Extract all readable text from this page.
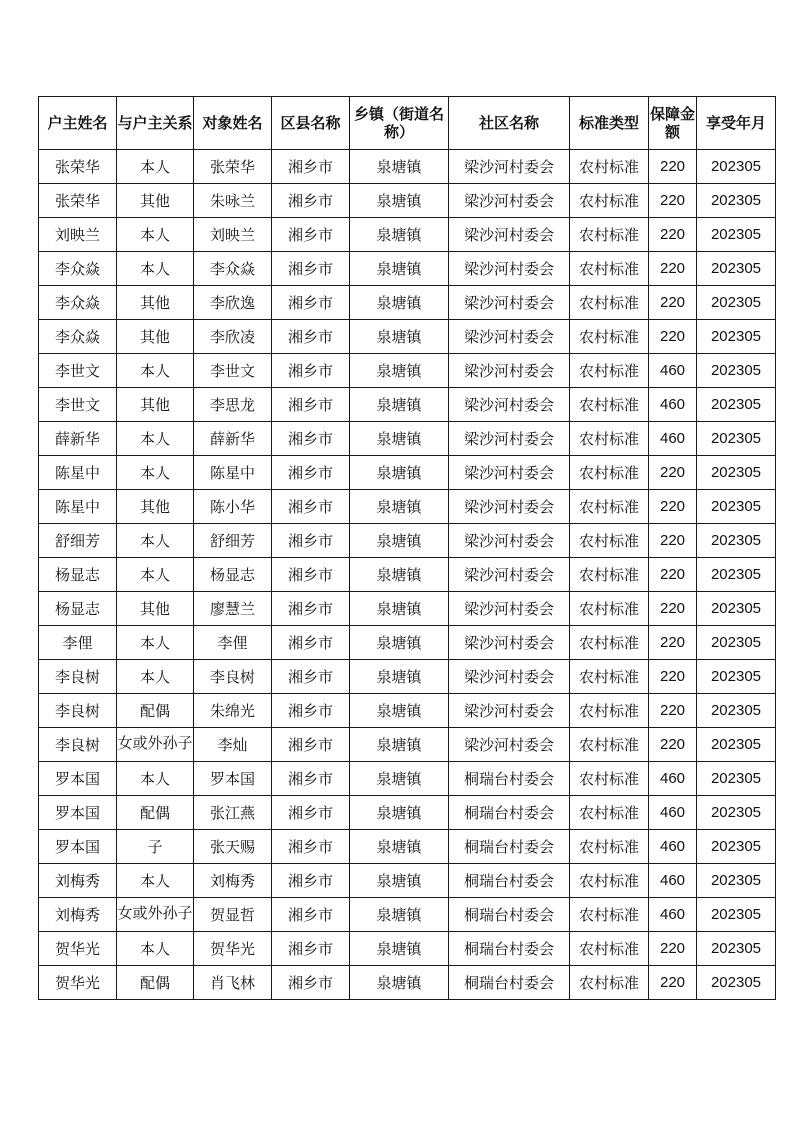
户主姓名	与户主关系	对象姓名	区县名称	乡镇（街道名称）	社区名称	标准类型	保障金额	享受年月
张荣华	本人	张荣华	湘乡市	泉塘镇	梁沙河村委会	农村标准	220	202305
张荣华	其他	朱咏兰	湘乡市	泉塘镇	梁沙河村委会	农村标准	220	202305
刘映兰	本人	刘映兰	湘乡市	泉塘镇	梁沙河村委会	农村标准	220	202305
李众焱	本人	李众焱	湘乡市	泉塘镇	梁沙河村委会	农村标准	220	202305
李众焱	其他	李欣逸	湘乡市	泉塘镇	梁沙河村委会	农村标准	220	202305
李众焱	其他	李欣凌	湘乡市	泉塘镇	梁沙河村委会	农村标准	220	202305
李世文	本人	李世文	湘乡市	泉塘镇	梁沙河村委会	农村标准	460	202305
李世文	其他	李思龙	湘乡市	泉塘镇	梁沙河村委会	农村标准	460	202305
薛新华	本人	薛新华	湘乡市	泉塘镇	梁沙河村委会	农村标准	460	202305
陈星中	本人	陈星中	湘乡市	泉塘镇	梁沙河村委会	农村标准	220	202305
陈星中	其他	陈小华	湘乡市	泉塘镇	梁沙河村委会	农村标准	220	202305
舒细芳	本人	舒细芳	湘乡市	泉塘镇	梁沙河村委会	农村标准	220	202305
杨显志	本人	杨显志	湘乡市	泉塘镇	梁沙河村委会	农村标准	220	202305
杨显志	其他	廖慧兰	湘乡市	泉塘镇	梁沙河村委会	农村标准	220	202305
李俚	本人	李俚	湘乡市	泉塘镇	梁沙河村委会	农村标准	220	202305
李良树	本人	李良树	湘乡市	泉塘镇	梁沙河村委会	农村标准	220	202305
李良树	配偶	朱绵光	湘乡市	泉塘镇	梁沙河村委会	农村标准	220	202305
李良树	女或外孙子	李灿	湘乡市	泉塘镇	梁沙河村委会	农村标准	220	202305
罗本国	本人	罗本国	湘乡市	泉塘镇	桐瑞台村委会	农村标准	460	202305
罗本国	配偶	张江燕	湘乡市	泉塘镇	桐瑞台村委会	农村标准	460	202305
罗本国	子	张天赐	湘乡市	泉塘镇	桐瑞台村委会	农村标准	460	202305
刘梅秀	本人	刘梅秀	湘乡市	泉塘镇	桐瑞台村委会	农村标准	460	202305
刘梅秀	女或外孙子	贺显哲	湘乡市	泉塘镇	桐瑞台村委会	农村标准	460	202305
贺华光	本人	贺华光	湘乡市	泉塘镇	桐瑞台村委会	农村标准	220	202305
贺华光	配偶	肖飞林	湘乡市	泉塘镇	桐瑞台村委会	农村标准	220	202305
